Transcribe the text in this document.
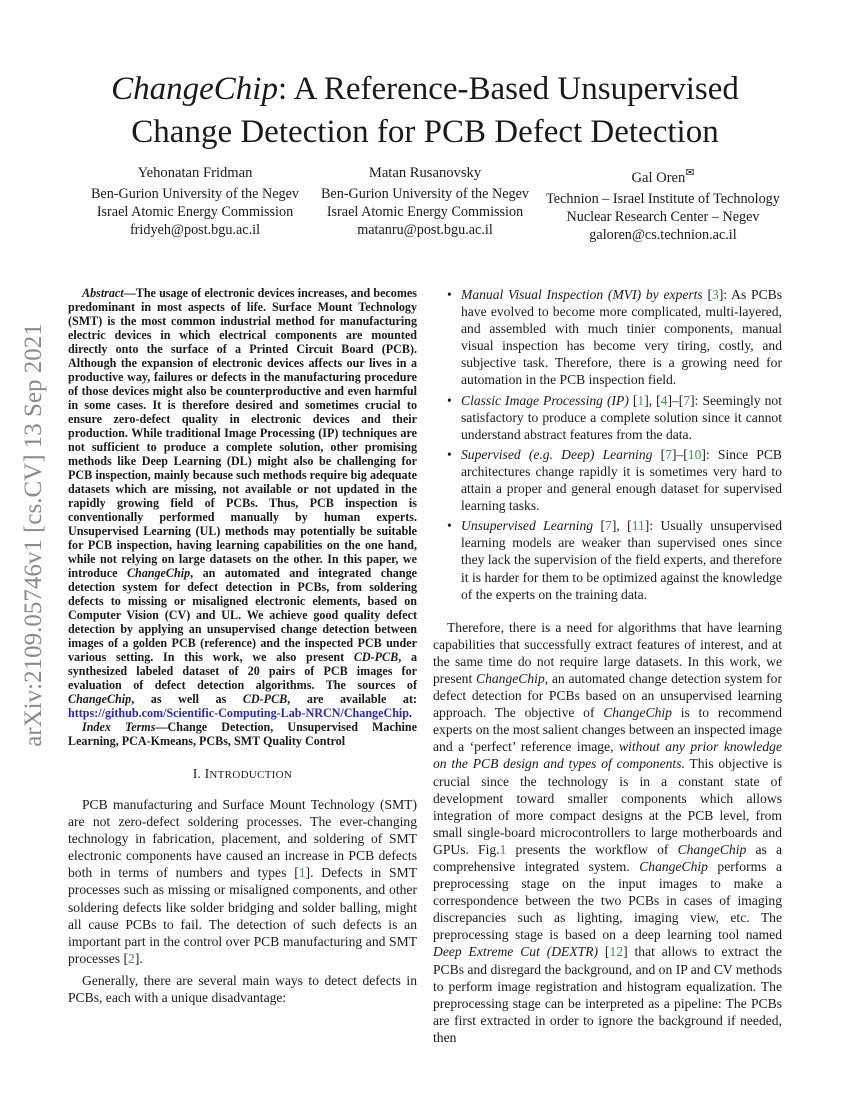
ChangeChip: A Reference-Based Unsupervised
Change Detection for PCB Defect Detection
Yehonatan Fridman
Ben-Gurion University of the Negev
Israel Atomic Energy Commission
fridyeh@post.bgu.ac.il
Matan Rusanovsky
Ben-Gurion University of the Negev
Israel Atomic Energy Commission
matanru@post.bgu.ac.il
Gal Oren✉
Technion – Israel Institute of Technology
Nuclear Research Center – Negev
galoren@cs.technion.ac.il
arXiv:2109.05746v1 [cs.CV] 13 Sep 2021

Abstract—The usage of electronic devices increases, and becomes predominant in most aspects of life. Surface Mount Technology (SMT) is the most common industrial method for manufacturing electric devices in which electrical components are mounted directly onto the surface of a Printed Circuit Board (PCB). Although the expansion of electronic devices affects our lives in a productive way, failures or defects in the manufacturing procedure of those devices might also be counterproductive and even harmful in some cases. It is therefore desired and sometimes crucial to ensure zero-defect quality in electronic devices and their production. While traditional Image Processing (IP) techniques are not sufficient to produce a complete solution, other promising methods like Deep Learning (DL) might also be challenging for PCB inspection, mainly because such methods require big adequate datasets which are missing, not available or not updated in the rapidly growing field of PCBs. Thus, PCB inspection is conventionally performed manually by human experts. Unsupervised Learning (UL) methods may potentially be suitable for PCB inspection, having learning capabilities on the one hand, while not relying on large datasets on the other. In this paper, we introduce ChangeChip, an automated and integrated change detection system for defect detection in PCBs, from soldering defects to missing or misaligned electronic elements, based on Computer Vision (CV) and UL. We achieve good quality defect detection by applying an unsupervised change detection between images of a golden PCB (reference) and the inspected PCB under various setting. In this work, we also present CD-PCB, a synthesized labeled dataset of 20 pairs of PCB images for evaluation of defect detection algorithms. The sources of ChangeChip, as well as CD-PCB, are available at: https://github.com/Scientific-Computing-Lab-NRCN/ChangeChip.

Index Terms—Change Detection, Unsupervised Machine Learning, PCA-Kmeans, PCBs, SMT Quality Control

I. INTRODUCTION

PCB manufacturing and Surface Mount Technology (SMT) are not zero-defect soldering processes. The ever-changing technology in fabrication, placement, and soldering of SMT electronic components have caused an increase in PCB defects both in terms of numbers and types [1]. Defects in SMT processes such as missing or misaligned components, and other soldering defects like solder bridging and solder balling, might all cause PCBs to fail. The detection of such defects is an important part in the control over PCB manufacturing and SMT processes [2].

Generally, there are several main ways to detect defects in PCBs, each with a unique disadvantage:

• Manual Visual Inspection (MVI) by experts [3]: As PCBs have evolved to become more complicated, multi-layered, and assembled with much tinier components, manual visual inspection has become very tiring, costly, and subjective task. Therefore, there is a growing need for automation in the PCB inspection field.
• Classic Image Processing (IP) [1], [4]–[7]: Seemingly not satisfactory to produce a complete solution since it cannot understand abstract features from the data.
• Supervised (e.g. Deep) Learning [7]–[10]: Since PCB architectures change rapidly it is sometimes very hard to attain a proper and general enough dataset for supervised learning tasks.
• Unsupervised Learning [7], [11]: Usually unsupervised learning models are weaker than supervised ones since they lack the supervision of the field experts, and therefore it is harder for them to be optimized against the knowledge of the experts on the training data.

Therefore, there is a need for algorithms that have learning capabilities that successfully extract features of interest, and at the same time do not require large datasets. In this work, we present ChangeChip, an automated change detection system for defect detection for PCBs based on an unsupervised learning approach. The objective of ChangeChip is to recommend experts on the most salient changes between an inspected image and a ‘perfect’ reference image, without any prior knowledge on the PCB design and types of components. This objective is crucial since the technology is in a constant state of development toward smaller components which allows integration of more compact designs at the PCB level, from small single-board microcontrollers to large motherboards and GPUs. Fig.1 presents the workflow of ChangeChip as a comprehensive integrated system. ChangeChip performs a preprocessing stage on the input images to make a correspondence between the two PCBs in cases of imaging discrepancies such as lighting, imaging view, etc. The preprocessing stage is based on a deep learning tool named Deep Extreme Cut (DEXTR) [12] that allows to extract the PCBs and disregard the background, and on IP and CV methods to perform image registration and histogram equalization. The preprocessing stage can be interpreted as a pipeline: The PCBs are first extracted in order to ignore the background if needed, then
